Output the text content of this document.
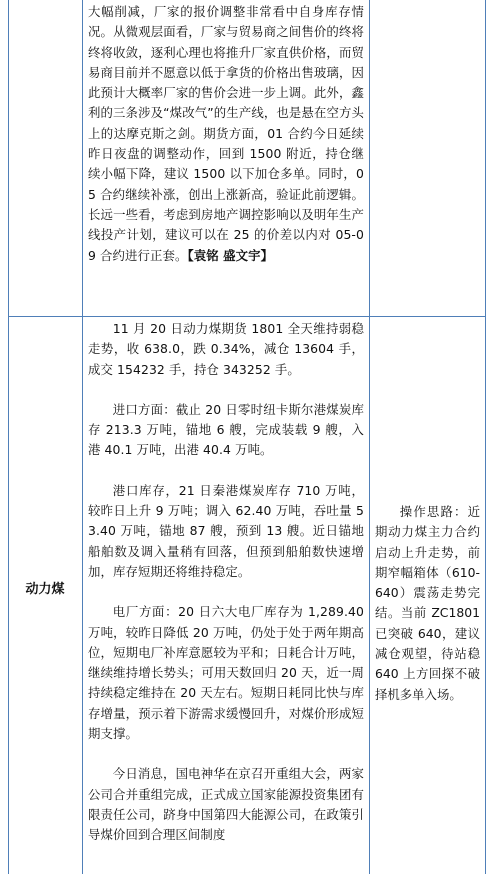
大幅削减，厂家的报价调整非常看中自身库存情况。从微观层面看，厂家与贸易商之间售价的终将终将收敛，逐利心理也将推升厂家直供价格，而贸易商目前并不愿意以低于拿货的价格出售玻璃，因此预计大概率厂家的售价会进一步上调。此外，鑫利的三条涉及“煤改气”的生产线，也是悬在空方头上的达摩克斯之剑。期货方面，01 合约今日延续昨日夜盘的调整动作，回到 1500 附近，持仓继续小幅下降，建议 1500 以下加仓多单。同时，05 合约继续补涨，创出上涨新高，验证此前逻辑。长远一些看，考虑到房地产调控影响以及明年生产线投产计划，建议可以在 25 的价差以内对 05-09 合约进行正套。【袁铭 盛文宇】

动力煤

11 月 20 日动力煤期货 1801 全天维持弱稳走势，收 638.0，跌 0.34%，减仓 13604 手，成交 154232 手，持仓 343252 手。

进口方面：截止 20 日零时纽卡斯尔港煤炭库存 213.3 万吨，锚地 6 艘，完成装载 9 艘，入港 40.1 万吨，出港 40.4 万吨。

港口库存，21 日秦港煤炭库存 710 万吨，较昨日上升 9 万吨；调入 62.40 万吨，吞吐量 53.40 万吨，锚地 87 艘，预到 13 艘。近日锚地船舶数及调入量稍有回落，但预到船舶数快速增加，库存短期还将维持稳定。

电厂方面：20 日六大电厂库存为 1,289.40 万吨，较昨日降低 20 万吨，仍处于处于两年期高位，短期电厂补库意愿较为平和；日耗合计万吨，继续维持增长势头；可用天数回归 20 天，近一周持续稳定维持在 20 天左右。短期日耗同比快与库存增量，预示着下游需求缓慢回升，对煤价形成短期支撑。

今日消息，国电神华在京召开重组大会，两家公司合并重组完成，正式成立国家能源投资集团有限责任公司，跻身中国第四大能源公司，在政策引导煤价回到合理区间制度

操作思路：近期动力煤主力合约启动上升走势，前期窄幅箱体（610-640）震荡走势完结。当前 ZC1801 已突破 640，建议减仓观望，待站稳 640 上方回探不破择机多单入场。
